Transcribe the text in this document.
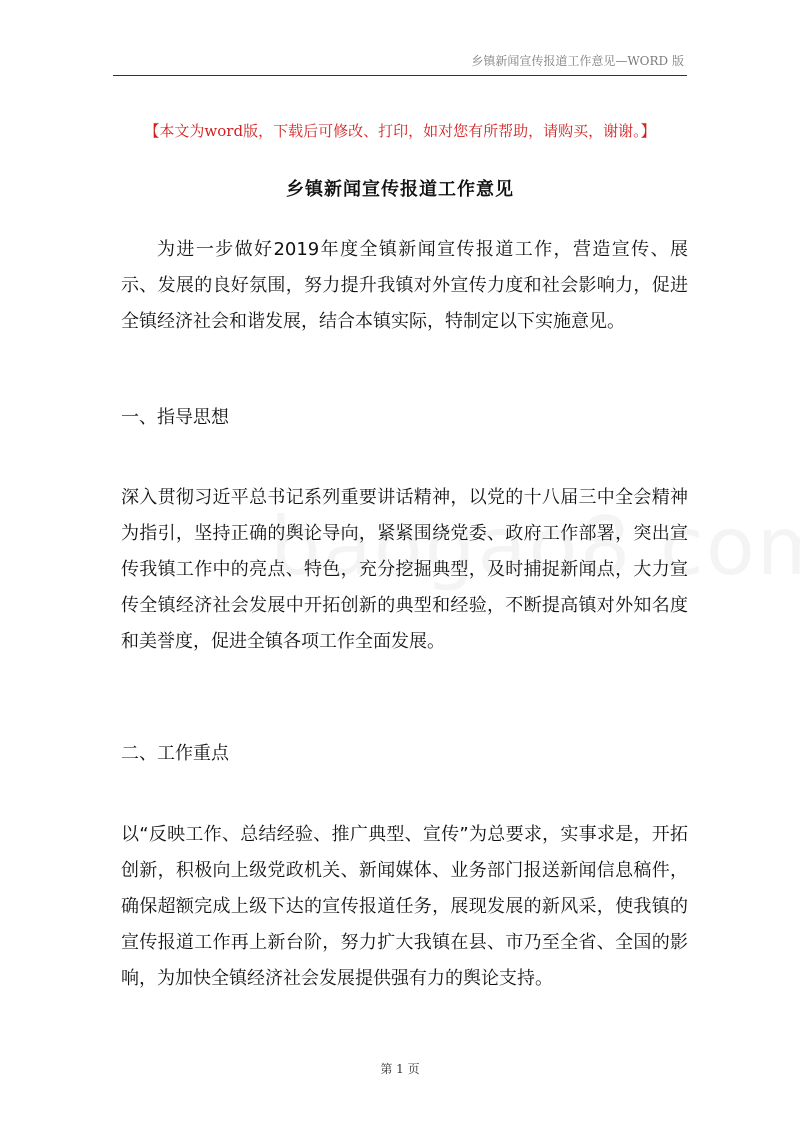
乡镇新闻宣传报道工作意见—WORD 版
【本文为word版，下载后可修改、打印，如对您有所帮助，请购买，谢谢。】
乡镇新闻宣传报道工作意见

为进一步做好2019年度全镇新闻宣传报道工作，营造宣传、展示、发展的良好氛围，努力提升我镇对外宣传力度和社会影响力，促进全镇经济社会和谐发展，结合本镇实际，特制定以下实施意见。

一、指导思想

深入贯彻习近平总书记系列重要讲话精神，以党的十八届三中全会精神为指引，坚持正确的舆论导向，紧紧围绕党委、政府工作部署，突出宣传我镇工作中的亮点、特色，充分挖掘典型，及时捕捉新闻点，大力宣传全镇经济社会发展中开拓创新的典型和经验，不断提高镇对外知名度和美誉度，促进全镇各项工作全面发展。

二、工作重点

以“反映工作、总结经验、推广典型、宣传”为总要求，实事求是，开拓创新，积极向上级党政机关、新闻媒体、业务部门报送新闻信息稿件，确保超额完成上级下达的宣传报道任务，展现发展的新风采，使我镇的宣传报道工作再上新台阶，努力扩大我镇在县、市乃至全省、全国的影响，为加快全镇经济社会发展提供强有力的舆论支持。

第 1 页
